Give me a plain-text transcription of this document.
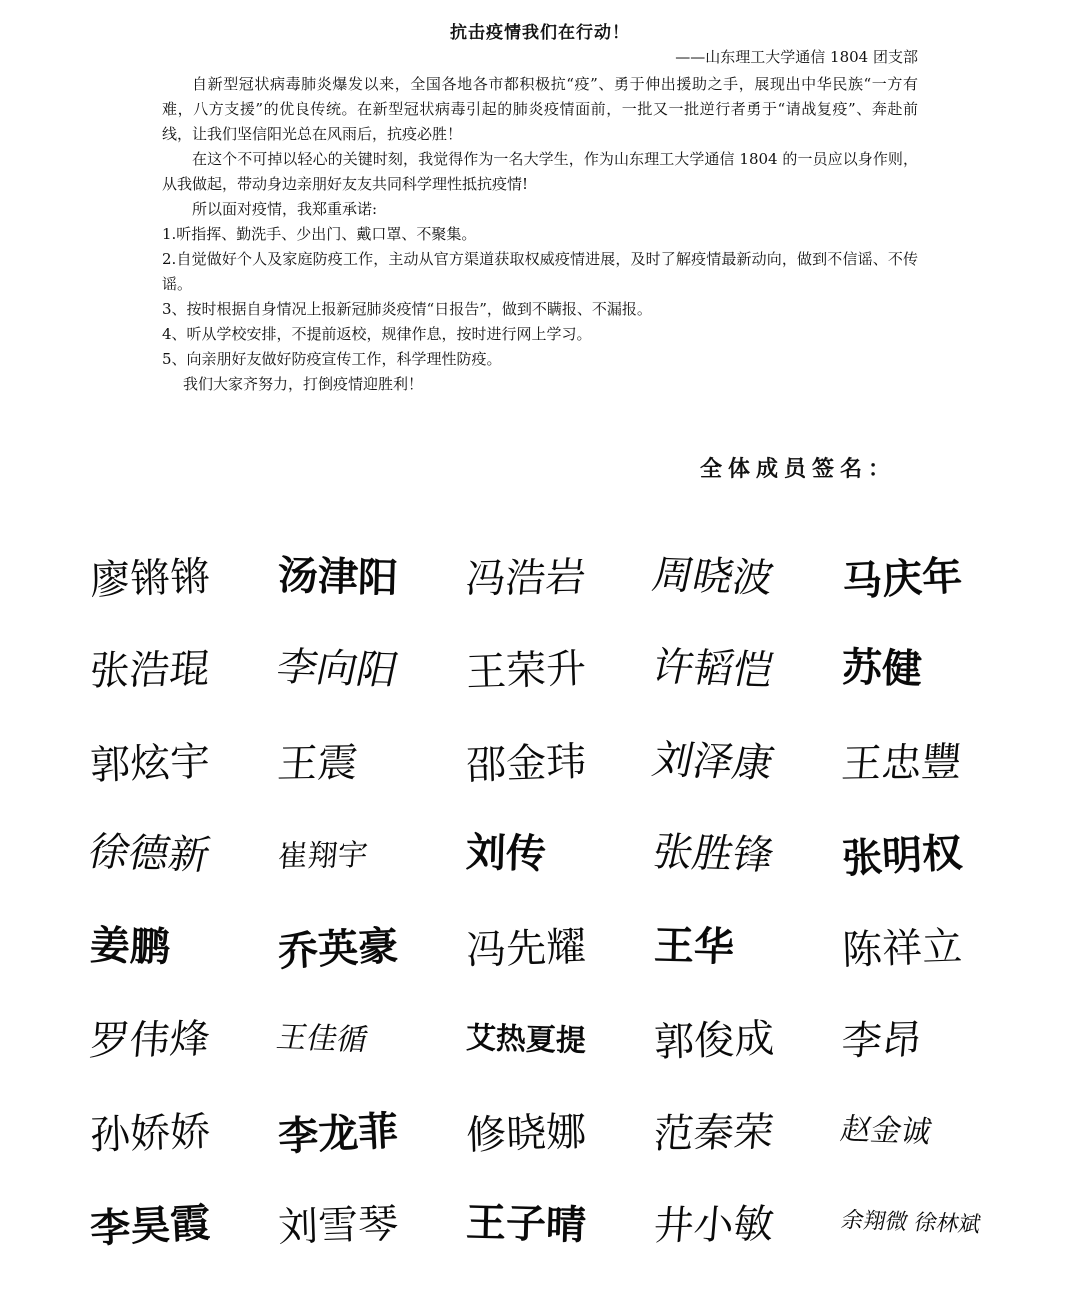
抗击疫情我们在行动！
——山东理工大学通信 1804 团支部

自新型冠状病毒肺炎爆发以来，全国各地各市都积极抗“疫”、勇于伸出援助之手，展现出中华民族“一方有难，八方支援”的优良传统。在新型冠状病毒引起的肺炎疫情面前，一批又一批逆行者勇于“请战复疫”、奔赴前线，让我们坚信阳光总在风雨后，抗疫必胜！

在这个不可掉以轻心的关键时刻，我觉得作为一名大学生，作为山东理工大学通信 1804 的一员应以身作则，从我做起，带动身边亲朋好友友共同科学理性抵抗疫情!

所以面对疫情，我郑重承诺:

1.听指挥、勤洗手、少出门、戴口罩、不聚集。

2.自觉做好个人及家庭防疫工作，主动从官方渠道获取权威疫情进展，及时了解疫情最新动向，做到不信谣、不传谣。

3、按时根据自身情况上报新冠肺炎疫情“日报告”，做到不瞒报、不漏报。

4、听从学校安排，不提前返校，规律作息，按时进行网上学习。

5、向亲朋好友做好防疫宣传工作，科学理性防疫。

我们大家齐努力，打倒疫情迎胜利！

全体成员签名：
廖锵锵	汤津阳	冯浩岩	周晓波	马庆年
张浩琨	李向阳	王荣升	许韬恺	苏健
郭炫宇	王震	邵金玮	刘泽康	王忠豐
徐德新	崔翔宇	刘传	张胜锋	张明权
姜鹏	乔英豪	冯先耀	王华	陈祥立
罗伟烽	王佳循	艾热夏提	郭俊成	李昂
孙娇娇	李龙菲	修晓娜	范秦荣	赵金诚
李昊霞	刘雪琴	王子晴	井小敏	余翔微 徐林斌
